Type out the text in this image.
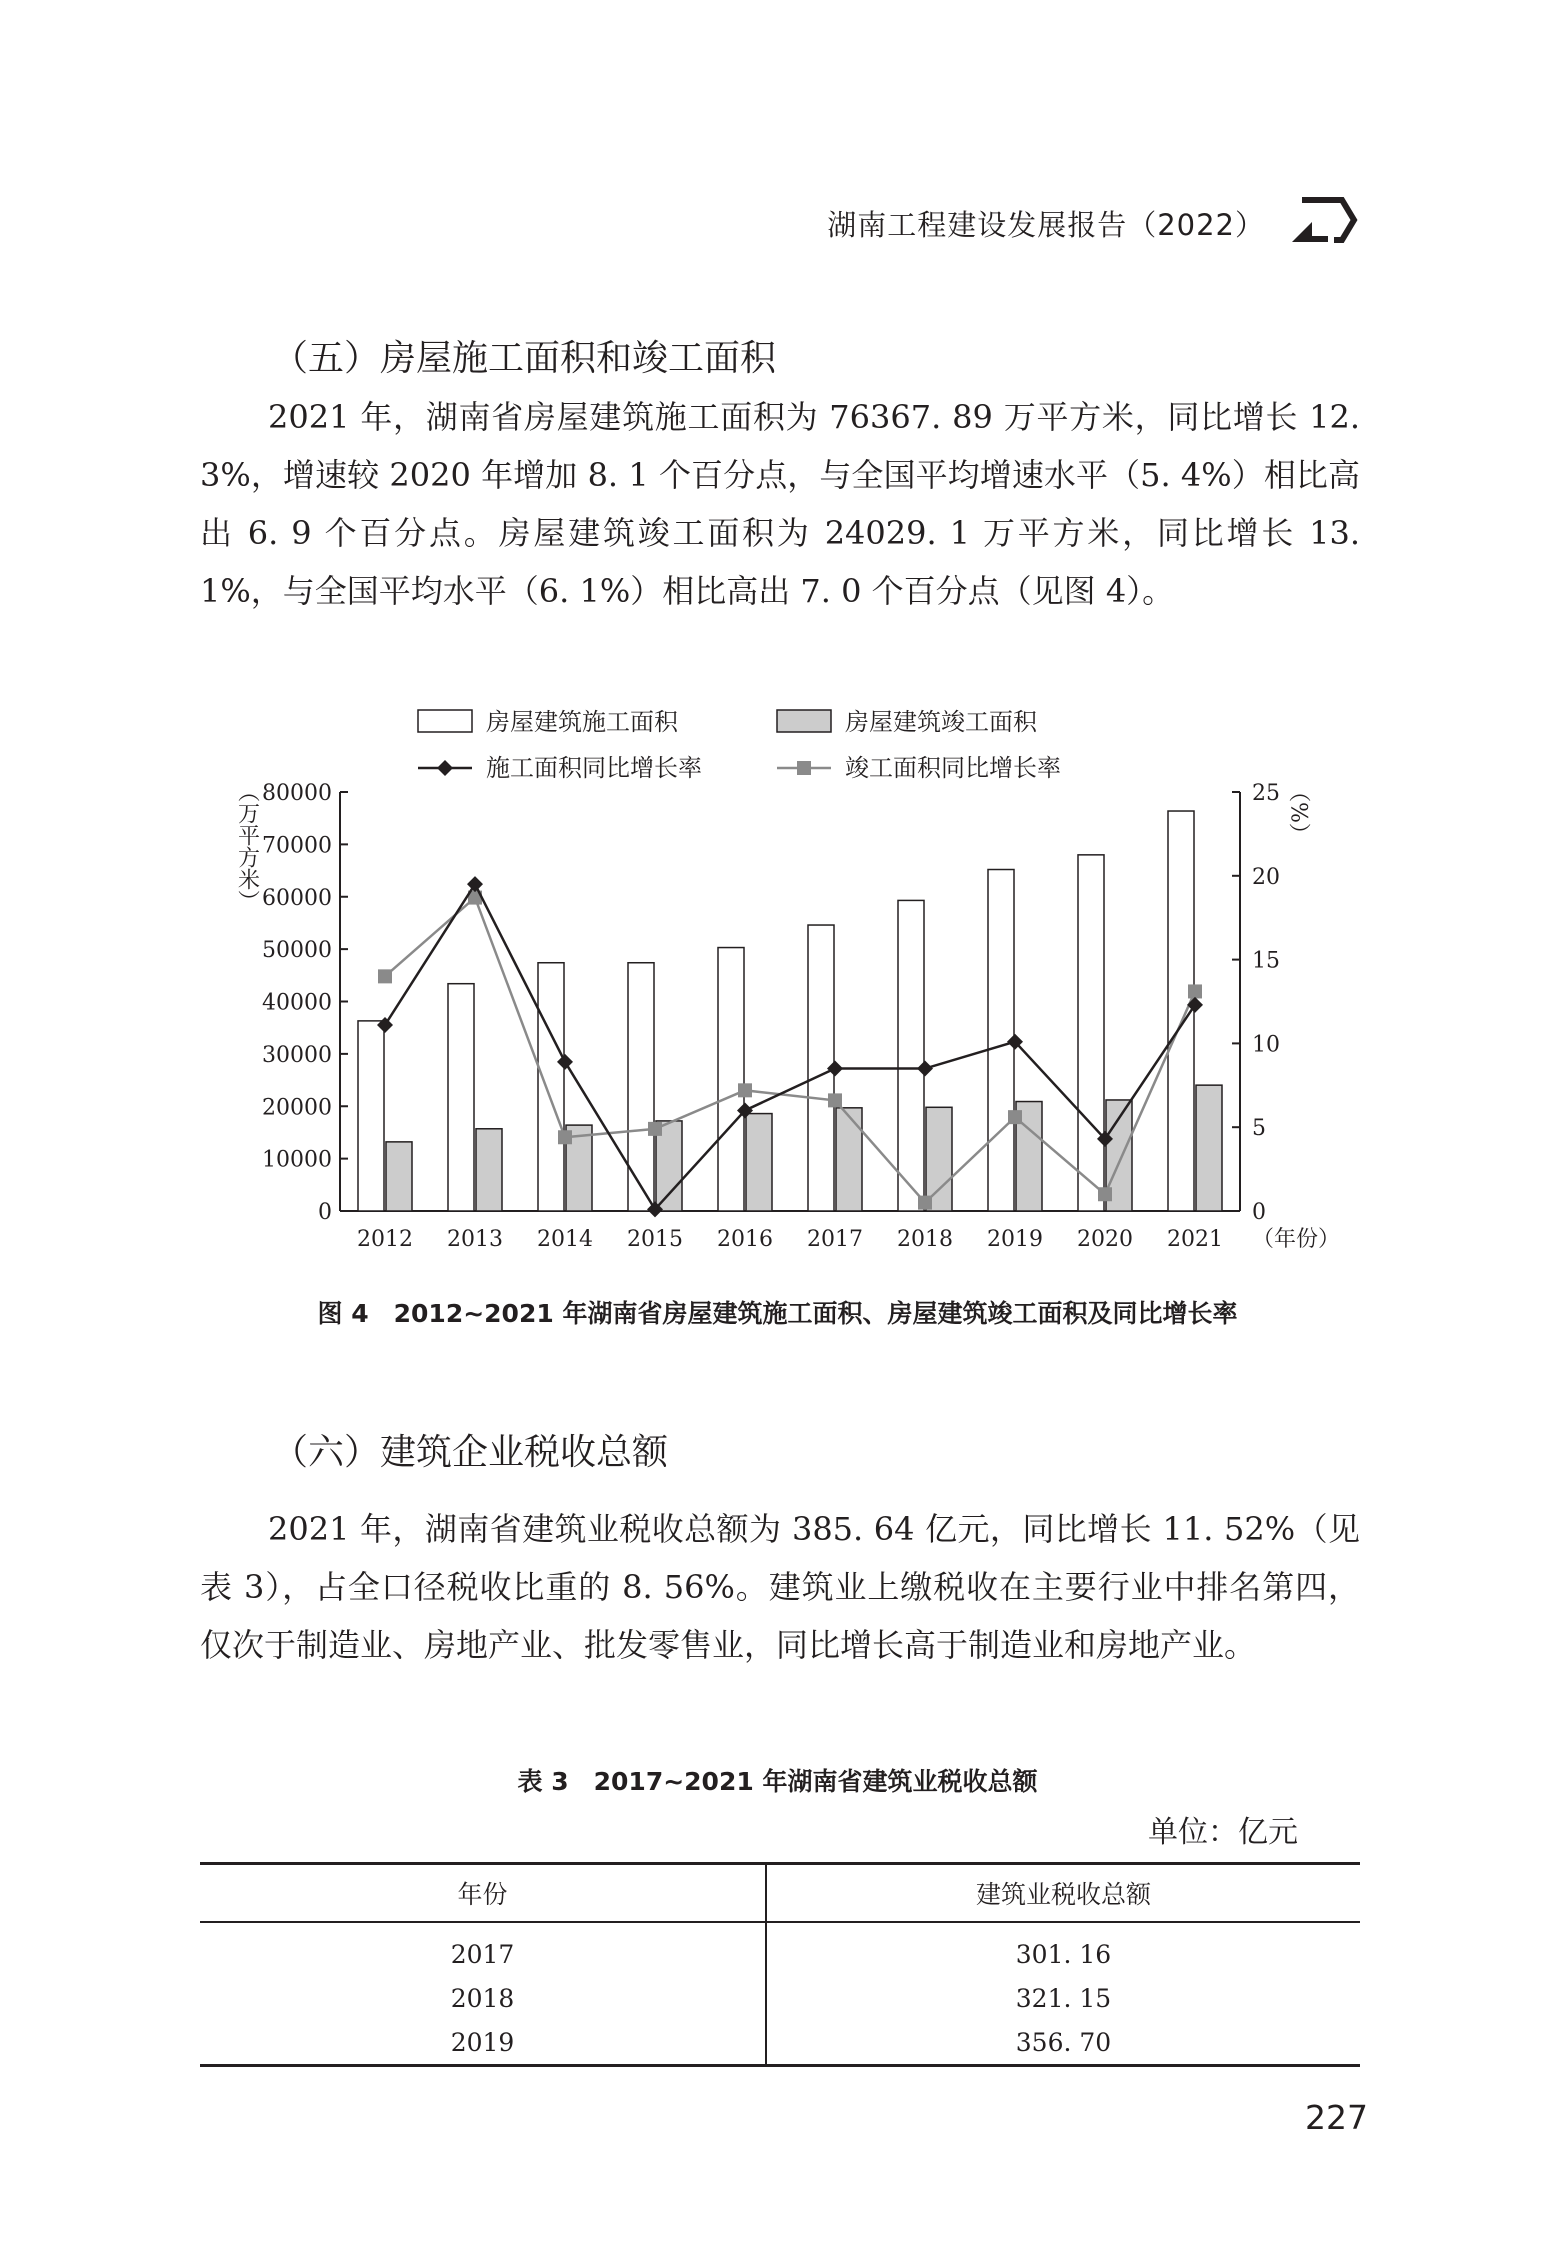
湖南工程建设发展报告（2022）
（五）房屋施工面积和竣工面积

2021 年，湖南省房屋建筑施工面积为 76367. 89 万平方米，同比增长 12. 3%，增速较 2020 年增加 8. 1 个百分点，与全国平均增速水平（5. 4%）相比高出 6. 9 个百分点。房屋建筑竣工面积为 24029. 1 万平方米，同比增长 13. 1%，与全国平均水平（6. 1%）相比高出 7. 0 个百分点（见图 4）。

0
10000
20000
30000
40000
50000
60000
70000
80000
0
5
10
15
20
25
（万平方米）	（%）
2012 2013 2014 2015 2016 2017 2018 2019 2020 2021 （年份）
房屋建筑施工面积	房屋建筑竣工面积
施工面积同比增长率	竣工面积同比增长率
图 4　2012~2021 年湖南省房屋建筑施工面积、房屋建筑竣工面积及同比增长率
（六）建筑企业税收总额

2021 年，湖南省建筑业税收总额为 385. 64 亿元，同比增长 11. 52%（见表 3），占全口径税收比重的 8. 56%。建筑业上缴税收在主要行业中排名第四，仅次于制造业、房地产业、批发零售业，同比增长高于制造业和房地产业。

表 3　2017~2021 年湖南省建筑业税收总额
单位：亿元
年份	建筑业税收总额
2017	301. 16
2018	321. 15
2019	356. 70
227
